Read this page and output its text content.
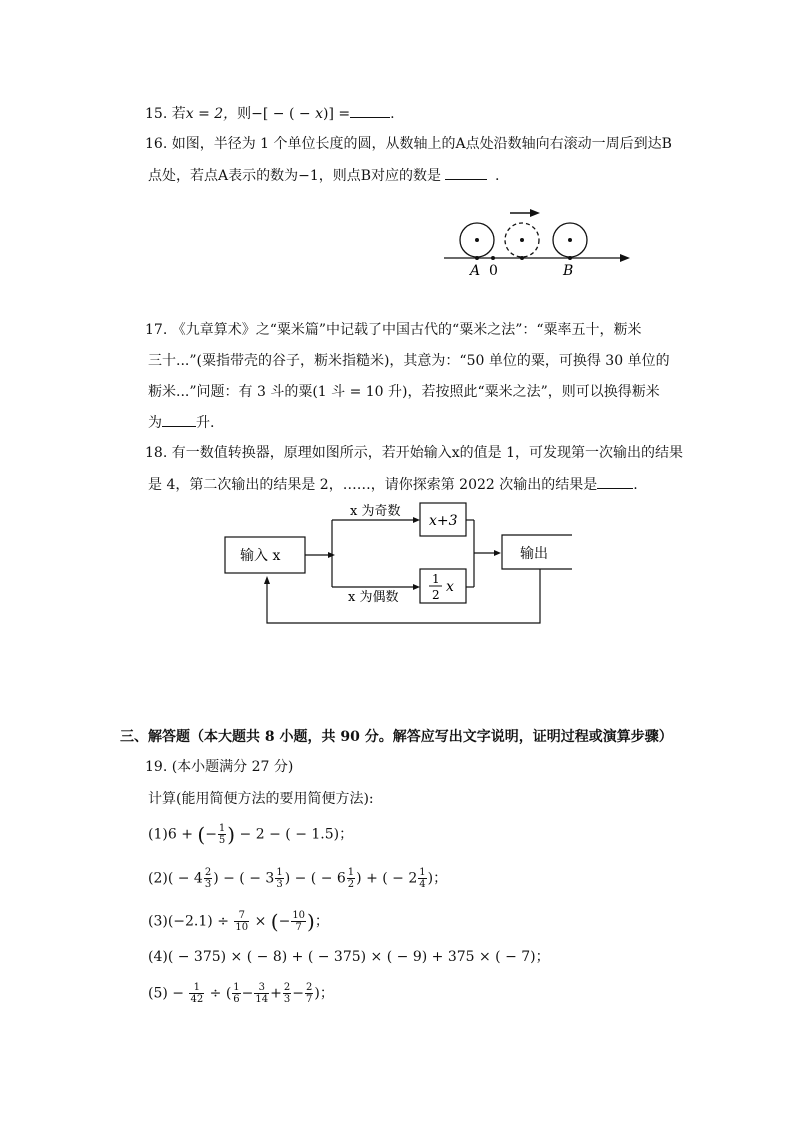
15. 若x = 2，则−[ − ( − x)] =	.
16. 如图，半径为 1 个单位长度的圆，从数轴上的A点处沿数轴向右滚动一周后到达B
点处，若点A表示的数为−1，则点B对应的数是	.
A 0	B
17. 《九章算术》之“粟米篇”中记载了中国古代的“粟米之法”：“粟率五十，粝米
三十...”(粟指带壳的谷子，粝米指糙米)，其意为：“50 单位的粟，可换得 30 单位的
粝米...”问题：有 3 斗的粟(1 斗 = 10 升)，若按照此“粟米之法”，则可以换得粝米
为 升.
18. 有一数值转换器，原理如图所示，若开始输入x的值是 1，可发现第一次输出的结果
是 4，第二次输出的结果是 2，……，请你探索第 2022 次输出的结果是	.
输入 x
x 为奇数
x 为偶数
x+3
1
2 x
输出
三、解答题（本大题共 8 小题，共 90 分。解答应写出文字说明，证明过程或演算步骤）
19. (本小题满分 27 分)
计算(能用简便方法的要用简便方法):
(1)6 + (− $\frac{1}{5}$ ) − 2 − ( − 1.5)；
$(2)( - 4 \frac{2}{3}$ ) − ( − $3 \frac{1}{3}$ ) − ( − $6 \frac{1}{2}$ ) + ( − $2 \frac{1}{4}$ )；
$(3)(-2.1) \div \frac{7}{10}$ × (− $\frac{10}{7}$ )；
(4)( − 375) × ( − 8) + ( − 375) × ( − 9) + 375 × ( − 7)；
$(5) - \frac{1}{42}$ ÷ ( $\frac{1}{6} - \frac{3}{14} + \frac{2}{3} - \frac{2}{7}$ )；
